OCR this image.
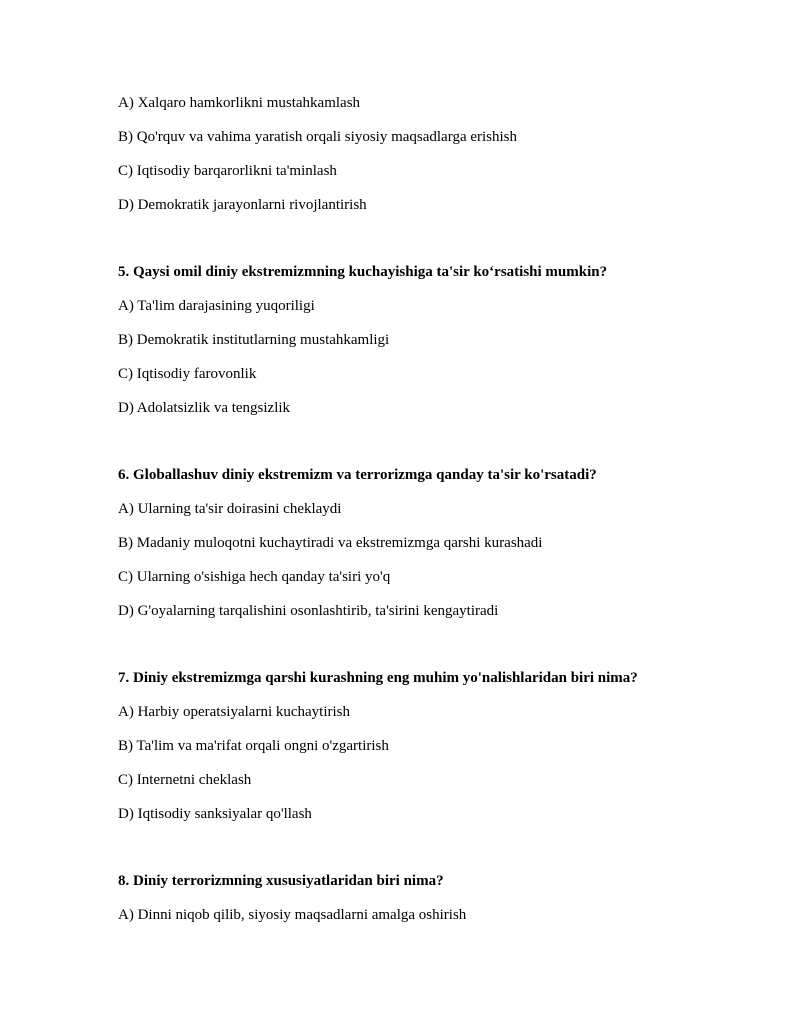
A) Xalqaro hamkorlikni mustahkamlash
B) Qo'rquv va vahima yaratish orqali siyosiy maqsadlarga erishish
C) Iqtisodiy barqarorlikni ta'minlash
D) Demokratik jarayonlarni rivojlantirish
5. Qaysi omil diniy ekstremizmning kuchayishiga ta'sir ko‘rsatishi mumkin?
A) Ta'lim darajasining yuqoriligi
B) Demokratik institutlarning mustahkamligi
C) Iqtisodiy farovonlik
D) Adolatsizlik va tengsizlik
6. Globallashuv diniy ekstremizm va terrorizmga qanday ta'sir ko'rsatadi?
A) Ularning ta'sir doirasini cheklaydi
B) Madaniy muloqotni kuchaytiradi va ekstremizmga qarshi kurashadi
C) Ularning o'sishiga hech qanday ta'siri yo'q
D) G'oyalarning tarqalishini osonlashtirib, ta'sirini kengaytiradi
7. Diniy ekstremizmga qarshi kurashning eng muhim yo'nalishlaridan biri nima?
A) Harbiy operatsiyalarni kuchaytirish
B) Ta'lim va ma'rifat orqali ongni o'zgartirish
C) Internetni cheklash
D) Iqtisodiy sanksiyalar qo'llash
8. Diniy terrorizmning xususiyatlaridan biri nima?
A) Dinni niqob qilib, siyosiy maqsadlarni amalga oshirish
